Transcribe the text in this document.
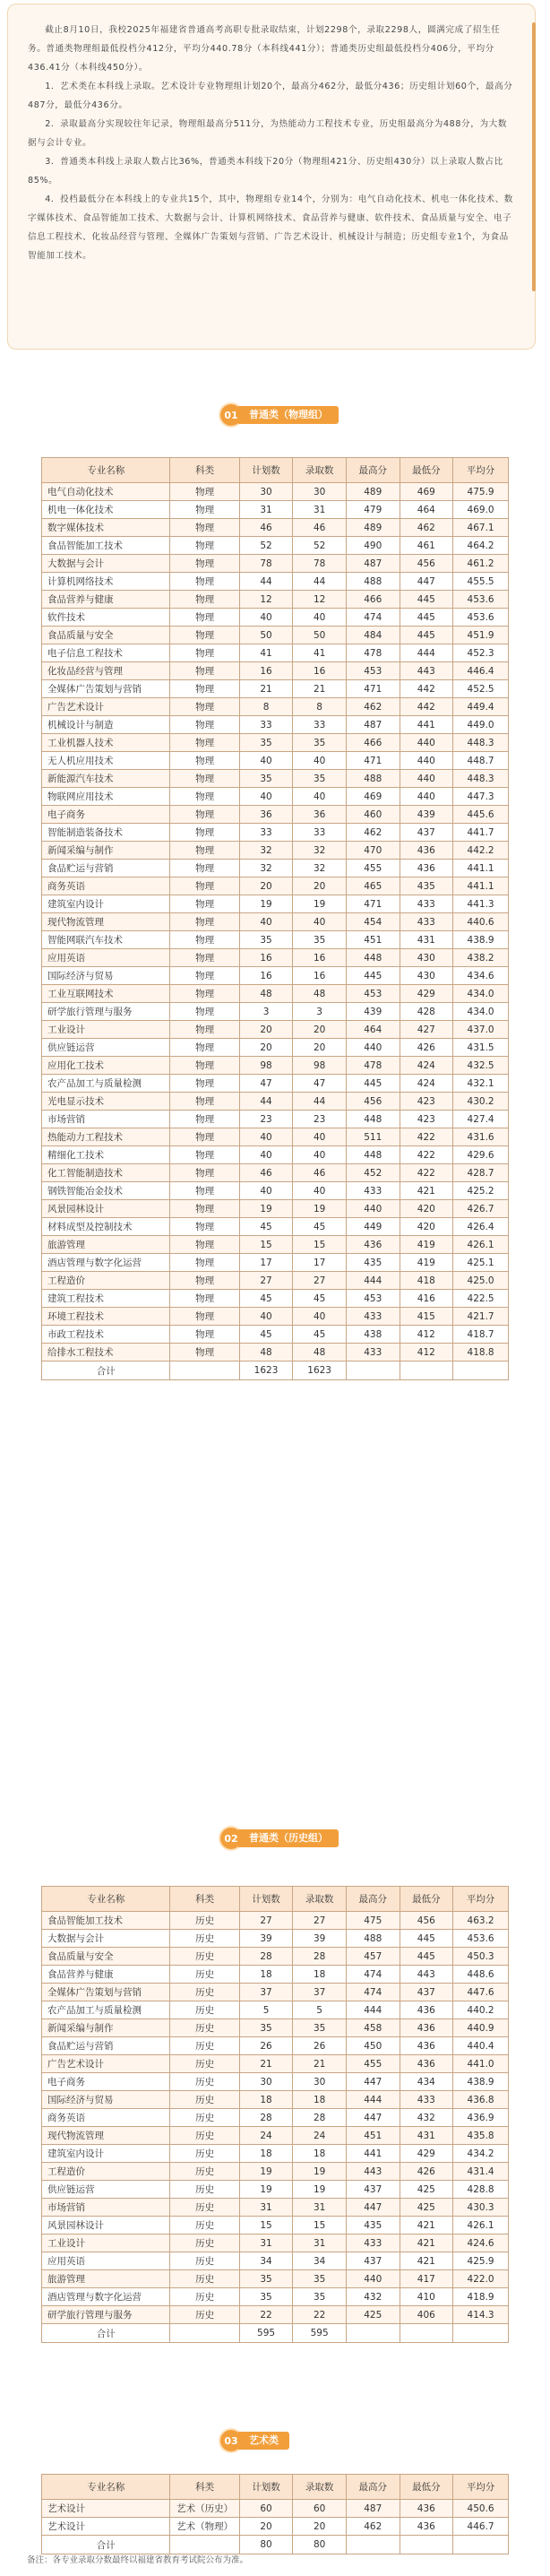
截止8月10日，我校2025年福建省普通高考高职专批录取结束，计划2298个，录取2298人，圆满完成了招生任务。普通类物理组最低投档分412分，平均分440.78分（本科线441分）；普通类历史组最低投档分406分，平均分436.41分（本科线450分）。

1．艺术类在本科线上录取。艺术设计专业物理组计划20个，最高分462分，最低分436；历史组计划60个，最高分487分，最低分436分。

2．录取最高分实现较往年记录，物理组最高分511分，为热能动力工程技术专业，历史组最高分为488分，为大数据与会计专业。

3．普通类本科线上录取人数占比36%，普通类本科线下20分（物理组421分、历史组430分）以上录取人数占比85%。

4．投档最低分在本科线上的专业共15个，其中，物理组专业14个，分别为：电气自动化技术、机电一体化技术、数字媒体技术、食品智能加工技术、大数据与会计、计算机网络技术、食品营养与健康、软件技术、食品质量与安全、电子信息工程技术、化妆品经营与管理、全媒体广告策划与营销、广告艺术设计、机械设计与制造；历史组专业1个，为食品智能加工技术。

01	普通类（物理组）
专业名称	科类	计划数	录取数	最高分	最低分	平均分
电气自动化技术	物理	30	30	489	469	475.9
机电一体化技术	物理	31	31	479	464	469.0
数字媒体技术	物理	46	46	489	462	467.1
食品智能加工技术	物理	52	52	490	461	464.2
大数据与会计	物理	78	78	487	456	461.2
计算机网络技术	物理	44	44	488	447	455.5
食品营养与健康	物理	12	12	466	445	453.6
软件技术	物理	40	40	474	445	453.6
食品质量与安全	物理	50	50	484	445	451.9
电子信息工程技术	物理	41	41	478	444	452.3
化妆品经营与管理	物理	16	16	453	443	446.4
全媒体广告策划与营销	物理	21	21	471	442	452.5
广告艺术设计	物理	8	8	462	442	449.4
机械设计与制造	物理	33	33	487	441	449.0
工业机器人技术	物理	35	35	466	440	448.3
无人机应用技术	物理	40	40	471	440	448.7
新能源汽车技术	物理	35	35	488	440	448.3
物联网应用技术	物理	40	40	469	440	447.3
电子商务	物理	36	36	460	439	445.6
智能制造装备技术	物理	33	33	462	437	441.7
新闻采编与制作	物理	32	32	470	436	442.2
食品贮运与营销	物理	32	32	455	436	441.1
商务英语	物理	20	20	465	435	441.1
建筑室内设计	物理	19	19	471	433	441.3
现代物流管理	物理	40	40	454	433	440.6
智能网联汽车技术	物理	35	35	451	431	438.9
应用英语	物理	16	16	448	430	438.2
国际经济与贸易	物理	16	16	445	430	434.6
工业互联网技术	物理	48	48	453	429	434.0
研学旅行管理与服务	物理	3	3	439	428	434.0
工业设计	物理	20	20	464	427	437.0
供应链运营	物理	20	20	440	426	431.5
应用化工技术	物理	98	98	478	424	432.5
农产品加工与质量检测	物理	47	47	445	424	432.1
光电显示技术	物理	44	44	456	423	430.2
市场营销	物理	23	23	448	423	427.4
热能动力工程技术	物理	40	40	511	422	431.6
精细化工技术	物理	40	40	448	422	429.6
化工智能制造技术	物理	46	46	452	422	428.7
钢铁智能冶金技术	物理	40	40	433	421	425.2
风景园林设计	物理	19	19	440	420	426.7
材料成型及控制技术	物理	45	45	449	420	426.4
旅游管理	物理	15	15	436	419	426.1
酒店管理与数字化运营	物理	17	17	435	419	425.1
工程造价	物理	27	27	444	418	425.0
建筑工程技术	物理	45	45	453	416	422.5
环境工程技术	物理	40	40	433	415	421.7
市政工程技术	物理	45	45	438	412	418.7
给排水工程技术	物理	48	48	433	412	418.8
合计		1623	1623			
02	普通类（历史组）
专业名称	科类	计划数	录取数	最高分	最低分	平均分
食品智能加工技术	历史	27	27	475	456	463.2
大数据与会计	历史	39	39	488	445	453.6
食品质量与安全	历史	28	28	457	445	450.3
食品营养与健康	历史	18	18	474	443	448.6
全媒体广告策划与营销	历史	37	37	474	437	447.6
农产品加工与质量检测	历史	5	5	444	436	440.2
新闻采编与制作	历史	35	35	458	436	440.9
食品贮运与营销	历史	26	26	450	436	440.4
广告艺术设计	历史	21	21	455	436	441.0
电子商务	历史	30	30	447	434	438.9
国际经济与贸易	历史	18	18	444	433	436.8
商务英语	历史	28	28	447	432	436.9
现代物流管理	历史	24	24	451	431	435.8
建筑室内设计	历史	18	18	441	429	434.2
工程造价	历史	19	19	443	426	431.4
供应链运营	历史	19	19	437	425	428.8
市场营销	历史	31	31	447	425	430.3
风景园林设计	历史	15	15	435	421	426.1
工业设计	历史	31	31	433	421	424.6
应用英语	历史	34	34	437	421	425.9
旅游管理	历史	35	35	440	417	422.0
酒店管理与数字化运营	历史	35	35	432	410	418.9
研学旅行管理与服务	历史	22	22	425	406	414.3
合计		595	595			
03	艺术类
专业名称	科类	计划数	录取数	最高分	最低分	平均分
艺术设计	艺术（历史）	60	60	487	436	450.6
艺术设计	艺术（物理）	20	20	462	436	446.7
合计		80	80			
备注：各专业录取分数最终以福建省教育考试院公布为准。
